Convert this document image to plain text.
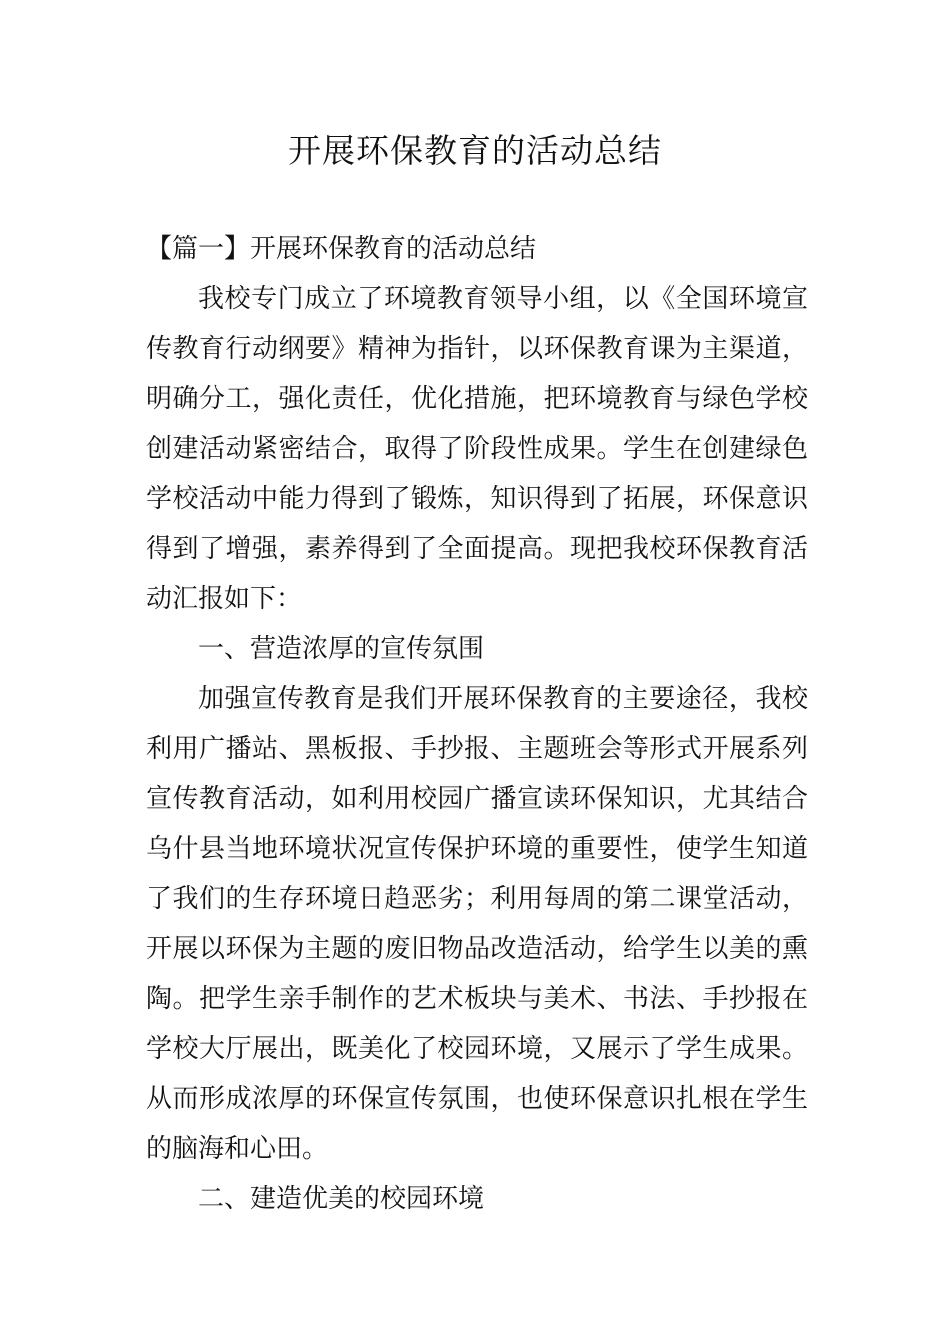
开展环保教育的活动总结
【篇一】开展环保教育的活动总结
我校专门成立了环境教育领导小组，以《全国环境宣
传教育行动纲要》精神为指针，以环保教育课为主渠道，
明确分工，强化责任，优化措施，把环境教育与绿色学校
创建活动紧密结合，取得了阶段性成果。学生在创建绿色
学校活动中能力得到了锻炼，知识得到了拓展，环保意识
得到了增强，素养得到了全面提高。现把我校环保教育活
动汇报如下：
一、营造浓厚的宣传氛围
加强宣传教育是我们开展环保教育的主要途径，我校
利用广播站、黑板报、手抄报、主题班会等形式开展系列
宣传教育活动，如利用校园广播宣读环保知识，尤其结合
乌什县当地环境状况宣传保护环境的重要性，使学生知道
了我们的生存环境日趋恶劣；利用每周的第二课堂活动，
开展以环保为主题的废旧物品改造活动，给学生以美的熏
陶。把学生亲手制作的艺术板块与美术、书法、手抄报在
学校大厅展出，既美化了校园环境，又展示了学生成果。
从而形成浓厚的环保宣传氛围，也使环保意识扎根在学生
的脑海和心田。
二、建造优美的校园环境
